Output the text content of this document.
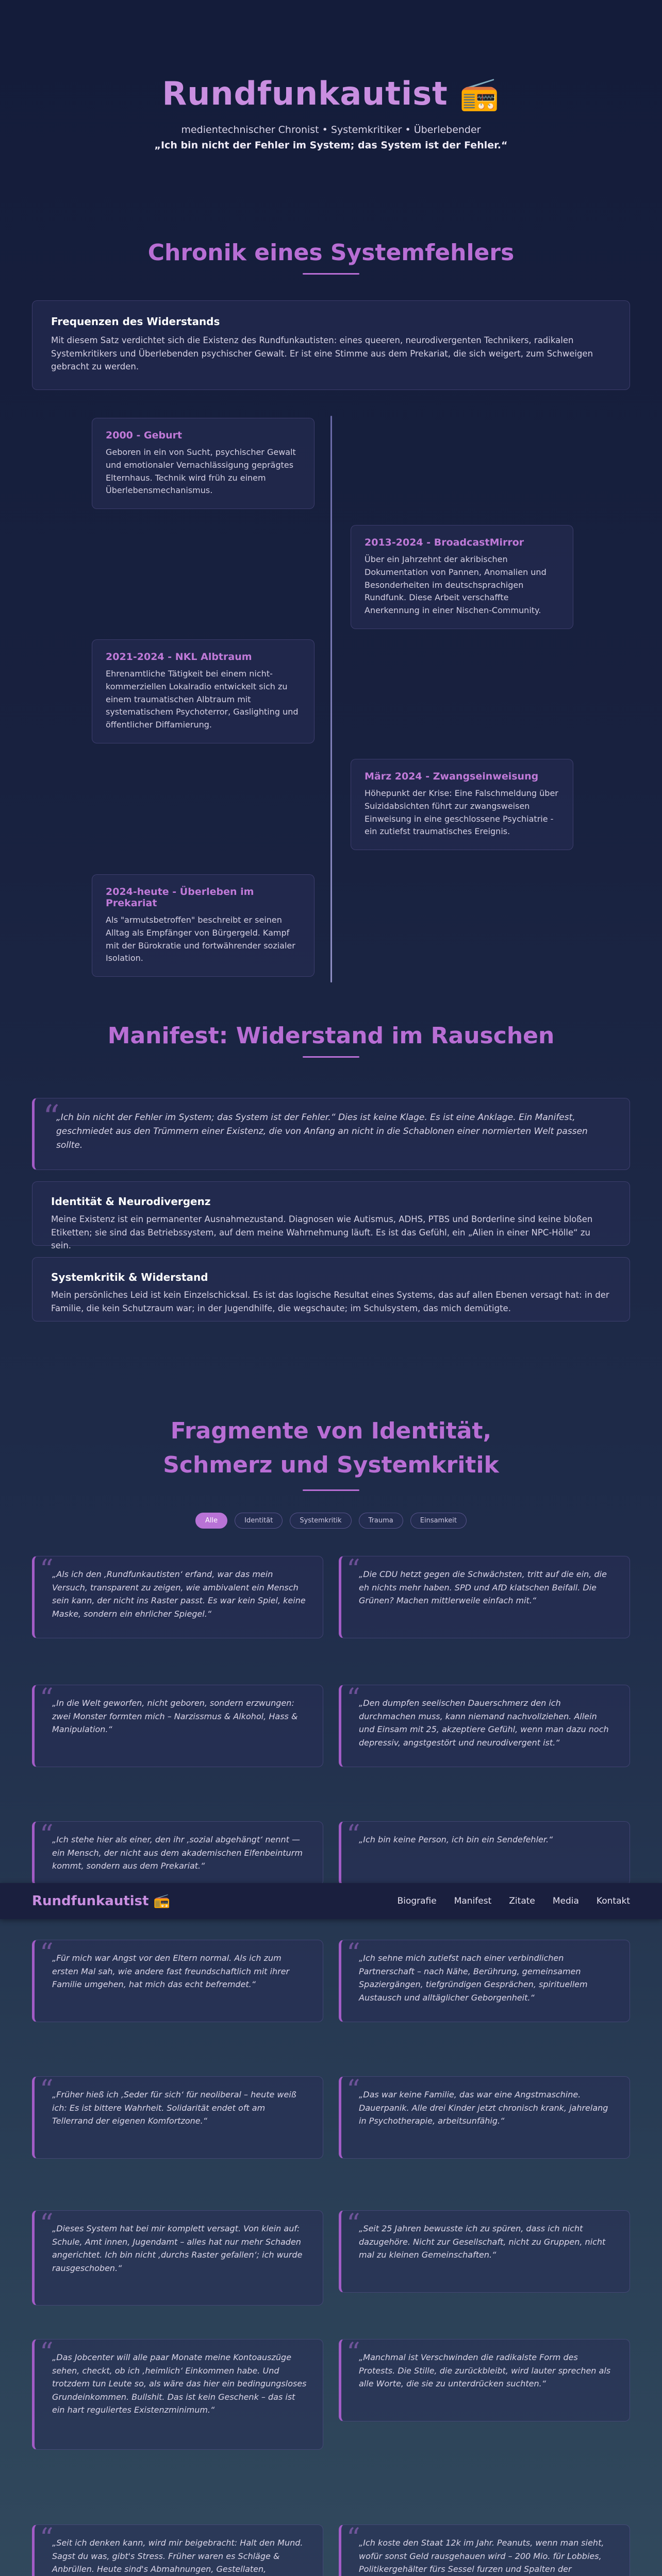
Rundfunkautist 📻
medientechnischer Chronist • Systemkritiker • Überlebender
„Ich bin nicht der Fehler im System; das System ist der Fehler.“
Chronik eines Systemfehlers
Frequenzen des Widerstands

Mit diesem Satz verdichtet sich die Existenz des Rundfunkautisten: eines queeren, neurodivergenten Technikers, radikalen Systemkritikers und Überlebenden psychischer Gewalt. Er ist eine Stimme aus dem Prekariat, die sich weigert, zum Schweigen gebracht zu werden.

2000 - Geburt

Geboren in ein von Sucht, psychischer Gewalt und emotionaler Vernachlässigung geprägtes Elternhaus. Technik wird früh zu einem Überlebensmechanismus.

2013-2024 - BroadcastMirror

Über ein Jahrzehnt der akribischen Dokumentation von Pannen, Anomalien und Besonderheiten im deutschsprachigen Rundfunk. Diese Arbeit verschaffte Anerkennung in einer Nischen-Community.

2021-2024 - NKL Albtraum

Ehrenamtliche Tätigkeit bei einem nicht-kommerziellen Lokalradio entwickelt sich zu einem traumatischen Albtraum mit systematischem Psychoterror, Gaslighting und öffentlicher Diffamierung.

März 2024 - Zwangseinweisung

Höhepunkt der Krise: Eine Falschmeldung über Suizidabsichten führt zur zwangsweisen Einweisung in eine geschlossene Psychiatrie - ein zutiefst traumatisches Ereignis.

2024-heute - Überleben im Prekariat

Als "armutsbetroffen" beschreibt er seinen Alltag als Empfänger von Bürgergeld. Kampf mit der Bürokratie und fortwährender sozialer Isolation.

Manifest: Widerstand im Rauschen
“

„Ich bin nicht der Fehler im System; das System ist der Fehler.“ Dies ist keine Klage. Es ist eine Anklage. Ein Manifest, geschmiedet aus den Trümmern einer Existenz, die von Anfang an nicht in die Schablonen einer normierten Welt passen sollte.

Identität & Neurodivergenz

Meine Existenz ist ein permanenter Ausnahmezustand. Diagnosen wie Autismus, ADHS, PTBS und Borderline sind keine bloßen Etiketten; sie sind das Betriebssystem, auf dem meine Wahrnehmung läuft. Es ist das Gefühl, ein „Alien in einer NPC-Hölle“ zu sein.

Systemkritik & Widerstand

Mein persönliches Leid ist kein Einzelschicksal. Es ist das logische Resultat eines Systems, das auf allen Ebenen versagt hat: in der Familie, die kein Schutzraum war; in der Jugendhilfe, die wegschaute; im Schulsystem, das mich demütigte.

Fragmente von Identität, Schmerz und Systemkritik
Alle	Identität	Systemkritik	Trauma	Einsamkeit
“

„Als ich den ‚Rundfunkautisten‘ erfand, war das mein Versuch, transparent zu zeigen, wie ambivalent ein Mensch sein kann, der nicht ins Raster passt. Es war kein Spiel, keine Maske, sondern ein ehrlicher Spiegel.“

“

„Die CDU hetzt gegen die Schwächsten, tritt auf die ein, die eh nichts mehr haben. SPD und AfD klatschen Beifall. Die Grünen? Machen mittlerweile einfach mit.“

“

„In die Welt geworfen, nicht geboren, sondern erzwungen: zwei Monster formten mich – Narzissmus & Alkohol, Hass & Manipulation.“

“

„Den dumpfen seelischen Dauerschmerz den ich durchmachen muss, kann niemand nachvollziehen. Allein und Einsam mit 25, akzeptiere Gefühl, wenn man dazu noch depressiv, angstgestört und neurodivergent ist.“

“

„Ich stehe hier als einer, den ihr ‚sozial abgehängt‘ nennt — ein Mensch, der nicht aus dem akademischen Elfenbeinturm kommt, sondern aus dem Prekariat.“

“

„Ich bin keine Person, ich bin ein Sendefehler.“

Rundfunkautist 📻	Biografie Manifest Zitate Media Kontakt
“

„Für mich war Angst vor den Eltern normal. Als ich zum ersten Mal sah, wie andere fast freundschaftlich mit ihrer Familie umgehen, hat mich das echt befremdet.“

“

„Ich sehne mich zutiefst nach einer verbindlichen Partnerschaft – nach Nähe, Berührung, gemeinsamen Spaziergängen, tiefgründigen Gesprächen, spirituellem Austausch und alltäglicher Geborgenheit.“

“

„Früher hieß ich ‚Seder für sich‘ für neoliberal – heute weiß ich: Es ist bittere Wahrheit. Solidarität endet oft am Tellerrand der eigenen Komfortzone.“

“

„Das war keine Familie, das war eine Angstmaschine. Dauerpanik. Alle drei Kinder jetzt chronisch krank, jahrelang in Psychotherapie, arbeitsunfähig.“

“

„Dieses System hat bei mir komplett versagt. Von klein auf: Schule, Amt innen, Jugendamt – alles hat nur mehr Schaden angerichtet. Ich bin nicht ‚durchs Raster gefallen‘; ich wurde rausgeschoben.“

“

„Seit 25 Jahren bewusste ich zu spüren, dass ich nicht dazugehöre. Nicht zur Gesellschaft, nicht zu Gruppen, nicht mal zu kleinen Gemeinschaften.“

“

„Das Jobcenter will alle paar Monate meine Kontoauszüge sehen, checkt, ob ich ‚heimlich‘ Einkommen habe. Und trotzdem tun Leute so, als wäre das hier ein bedingungsloses Grundeinkommen. Bullshit. Das ist kein Geschenk – das ist ein hart reguliertes Existenzminimum.“

“

„Manchmal ist Verschwinden die radikalste Form des Protests. Die Stille, die zurückbleibt, wird lauter sprechen als alle Worte, die sie zu unterdrücken suchten.“

“

„Seit ich denken kann, wird mir beigebracht: Halt den Mund. Sagst du was, gibt's Stress. Früher waren es Schläge & Anbrüllen. Heute sind's Abmahnungen, Gestellaten,

“

„Ich koste den Staat 12k im Jahr. Peanuts, wenn man sieht, wofür sonst Geld rausgehauen wird – 200 Mio. für Lobbies, Politikergehälter fürs Sessel furzen und Spalten der
